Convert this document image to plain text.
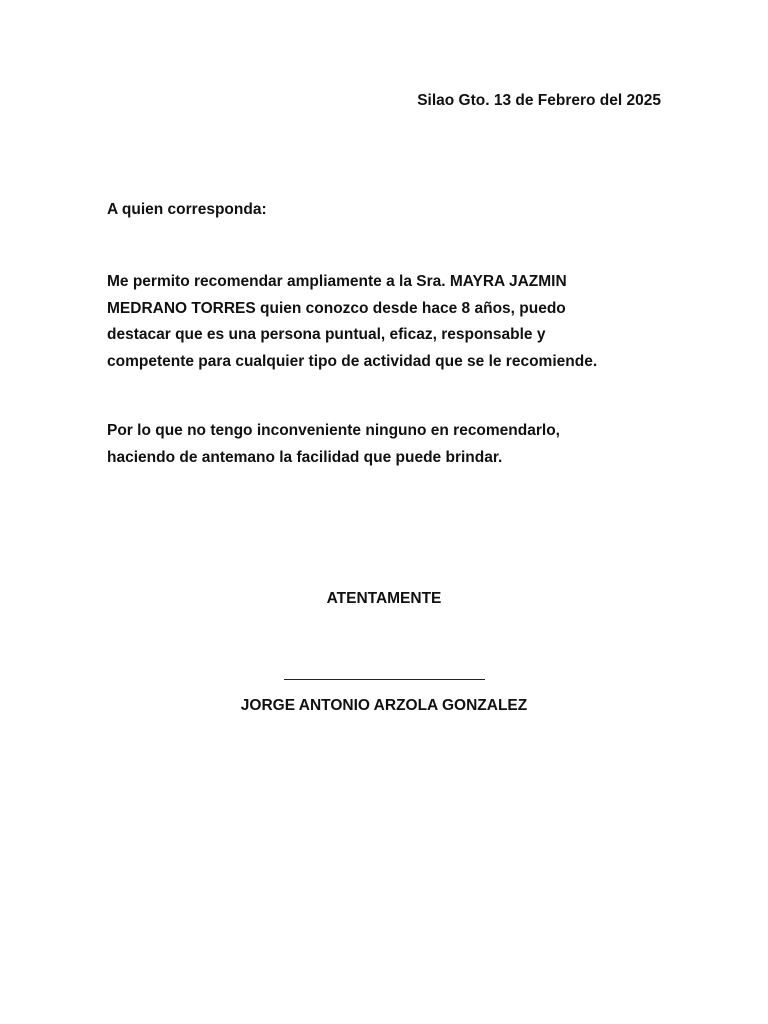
Silao Gto. 13 de Febrero del 2025
A quien corresponda:

Me permito recomendar ampliamente a la Sra. MAYRA JAZMIN
MEDRANO TORRES quien conozco desde hace 8 años, puedo
destacar que es una persona puntual, eficaz, responsable y
competente para cualquier tipo de actividad que se le recomiende.

Por lo que no tengo inconveniente ninguno en recomendarlo,
haciendo de antemano la facilidad que puede brindar.

ATENTAMENTE
JORGE ANTONIO ARZOLA GONZALEZ
